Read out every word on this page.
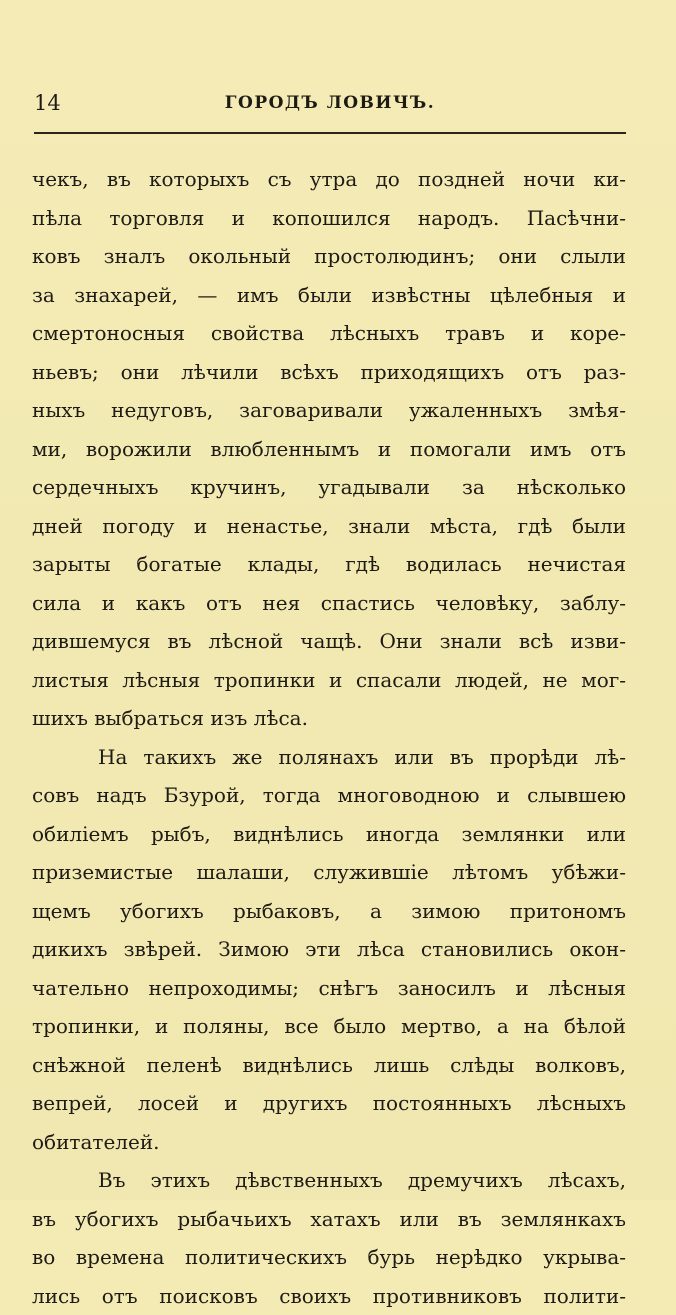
14	ГОРОДЪ ЛОВИЧЪ.
чекъ, въ которыхъ съ утра до поздней ночи ки-
пѣла торговля и копошился народъ. Пасѣчни-
ковъ зналъ окольный простолюдинъ; они слыли
за знахарей, — имъ были извѣстны цѣлебныя и
смертоносныя свойства лѣсныхъ травъ и коре-
ньевъ; они лѣчили всѣхъ приходящихъ отъ раз-
ныхъ недуговъ, заговаривали ужаленныхъ змѣя-
ми, ворожили влюбленнымъ и помогали имъ отъ
сердечныхъ кручинъ, угадывали за нѣсколько
дней погоду и ненастье, знали мѣста, гдѣ были
зарыты богатые клады, гдѣ водилась нечистая
сила и какъ отъ нея спастись человѣку, заблу-
дившемуся въ лѣсной чащѣ. Они знали всѣ изви-
листыя лѣсныя тропинки и спасали людей, не мог-
шихъ выбраться изъ лѣса.
На такихъ же полянахъ или въ прорѣди лѣ-
совъ надъ Бзурой, тогда многоводною и слывшею
обиліемъ рыбъ, виднѣлись иногда землянки или
приземистые шалаши, служившіе лѣтомъ убѣжи-
щемъ убогихъ рыбаковъ, а зимою притономъ
дикихъ звѣрей. Зимою эти лѣса становились окон-
чательно непроходимы; снѣгъ заносилъ и лѣсныя
тропинки, и поляны, все было мертво, а на бѣлой
снѣжной пеленѣ виднѣлись лишь слѣды волковъ,
вепрей, лосей и другихъ постоянныхъ лѣсныхъ
обитателей.
Въ этихъ дѣвственныхъ дремучихъ лѣсахъ,
въ убогихъ рыбачьихъ хатахъ или въ землянкахъ
во времена политическихъ бурь нерѣдко укрыва-
лись отъ поисковъ своихъ противниковъ полити-
